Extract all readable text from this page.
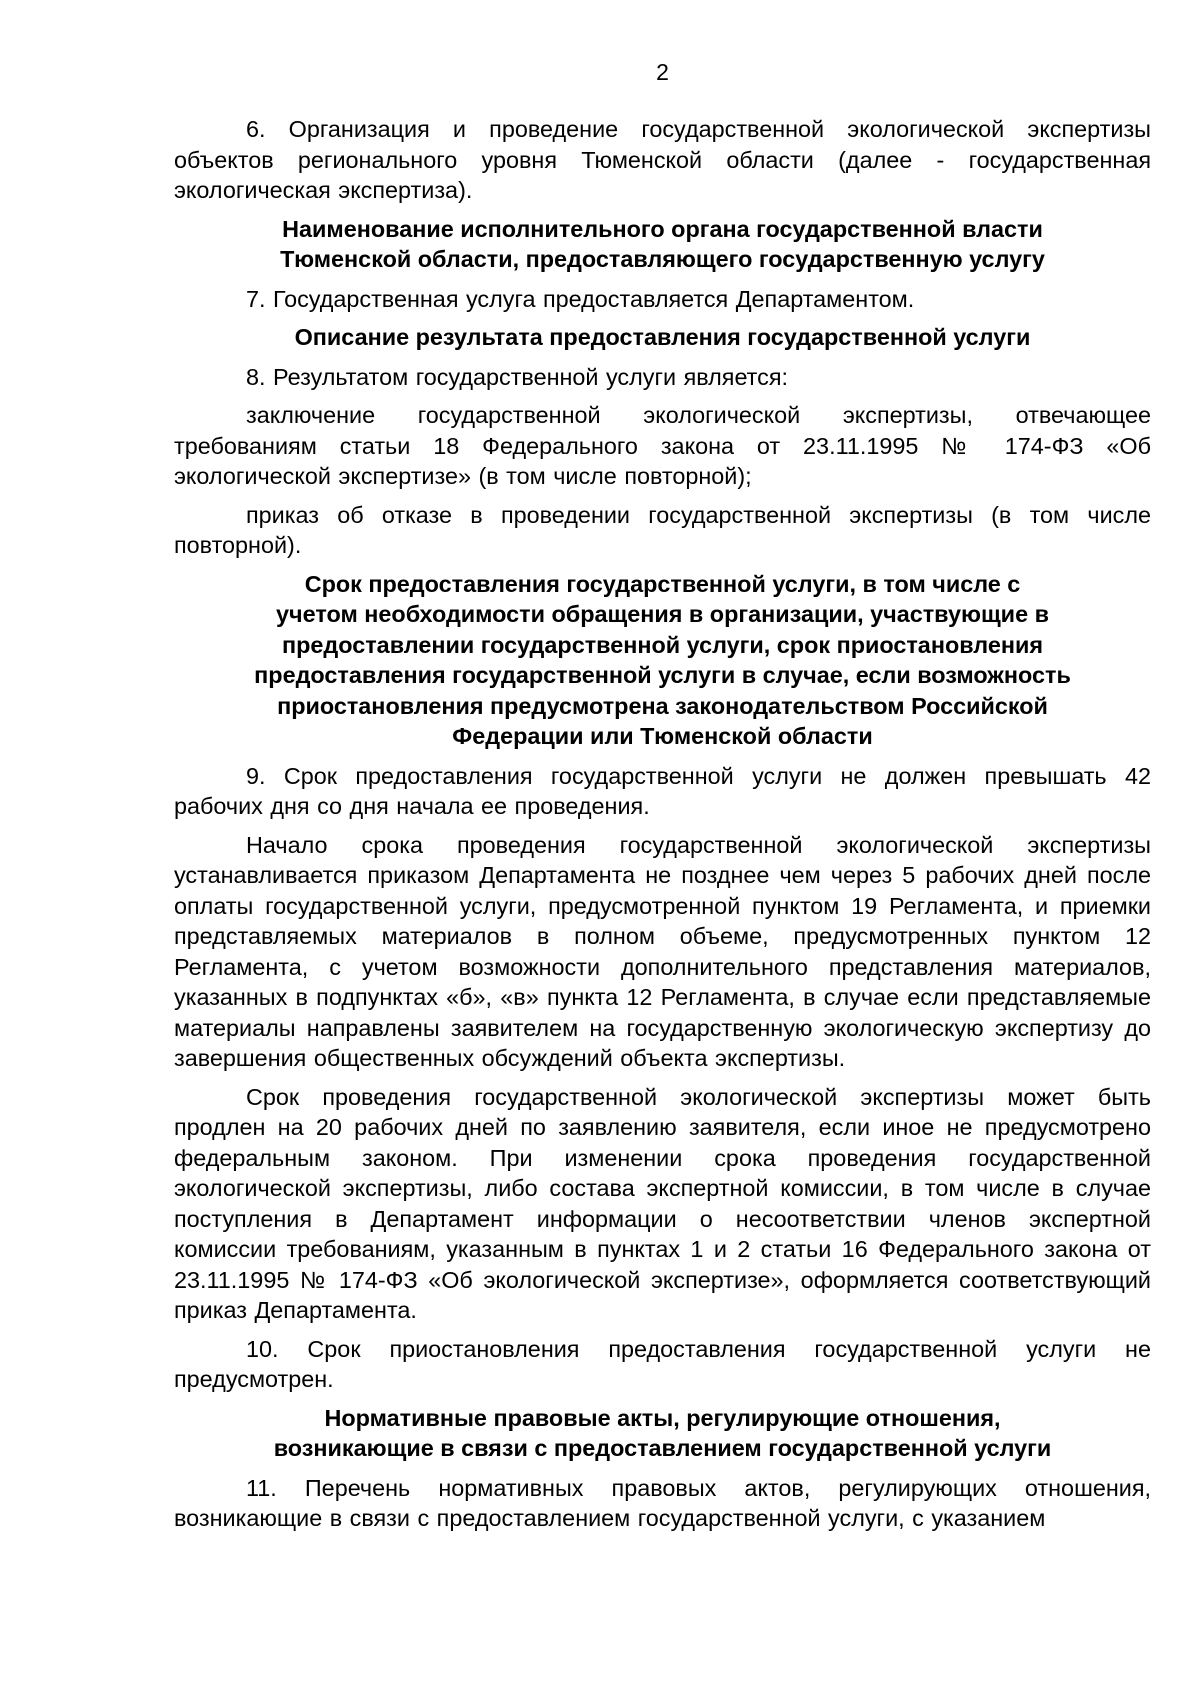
2

6. Организация и проведение государственной экологической экспертизы объектов регионального уровня Тюменской области (далее - государственная экологическая экспертиза).

Наименование исполнительного органа государственной власти
Тюменской области, предоставляющего государственную услугу

7. Государственная услуга предоставляется Департаментом.

Описание результата предоставления государственной услуги

8. Результатом государственной услуги является:

заключение государственной экологической экспертизы, отвечающее требованиям статьи 18 Федерального закона от 23.11.1995 № 174-ФЗ «Об экологической экспертизе» (в том числе повторной);

приказ об отказе в проведении государственной экспертизы (в том числе повторной).

Срок предоставления государственной услуги, в том числе с
учетом необходимости обращения в организации, участвующие в
предоставлении государственной услуги, срок приостановления
предоставления государственной услуги в случае, если возможность
приостановления предусмотрена законодательством Российской
Федерации или Тюменской области

9. Срок предоставления государственной услуги не должен превышать 42 рабочих дня со дня начала ее проведения.

Начало срока проведения государственной экологической экспертизы устанавливается приказом Департамента не позднее чем через 5 рабочих дней после оплаты государственной услуги, предусмотренной пунктом 19 Регламента, и приемки представляемых материалов в полном объеме, предусмотренных пунктом 12 Регламента, с учетом возможности дополнительного представления материалов, указанных в подпунктах «б», «в» пункта 12 Регламента, в случае если представляемые материалы направлены заявителем на государственную экологическую экспертизу до завершения общественных обсуждений объекта экспертизы.

Срок проведения государственной экологической экспертизы может быть продлен на 20 рабочих дней по заявлению заявителя, если иное не предусмотрено федеральным законом. При изменении срока проведения государственной экологической экспертизы, либо состава экспертной комиссии, в том числе в случае поступления в Департамент информации о несоответствии членов экспертной комиссии требованиям, указанным в пунктах 1 и 2 статьи 16 Федерального закона от 23.11.1995 № 174-ФЗ «Об экологической экспертизе», оформляется соответствующий приказ Департамента.

10. Срок приостановления предоставления государственной услуги не предусмотрен.

Нормативные правовые акты, регулирующие отношения,
возникающие в связи с предоставлением государственной услуги

11. Перечень нормативных правовых актов, регулирующих отношения, возникающие в связи с предоставлением государственной услуги, с указанием
